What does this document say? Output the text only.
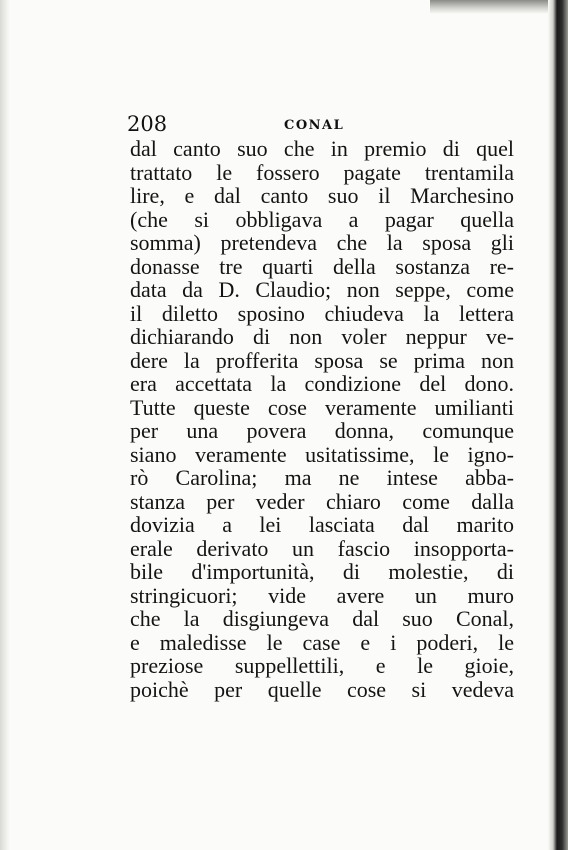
208	CONAL
dal canto suo che in premio di quel
trattato le fossero pagate trentamila
lire, e dal canto suo il Marchesino
(che si obbligava a pagar quella
somma) pretendeva che la sposa gli
donasse tre quarti della sostanza re-
data da D. Claudio; non seppe, come
il diletto sposino chiudeva la lettera
dichiarando di non voler neppur ve-
dere la profferita sposa se prima non
era accettata la condizione del dono.
Tutte queste cose veramente umilianti
per una povera donna, comunque
siano veramente usitatissime, le igno-
rò Carolina; ma ne intese abba-
stanza per veder chiaro come dalla
dovizia a lei lasciata dal marito
erale derivato un fascio insopporta-
bile d'importunità, di molestie, di
stringicuori; vide avere un muro
che la disgiungeva dal suo Conal,
e maledisse le case e i poderi, le
preziose suppellettili, e le gioie,
poichè per quelle cose si vedeva
